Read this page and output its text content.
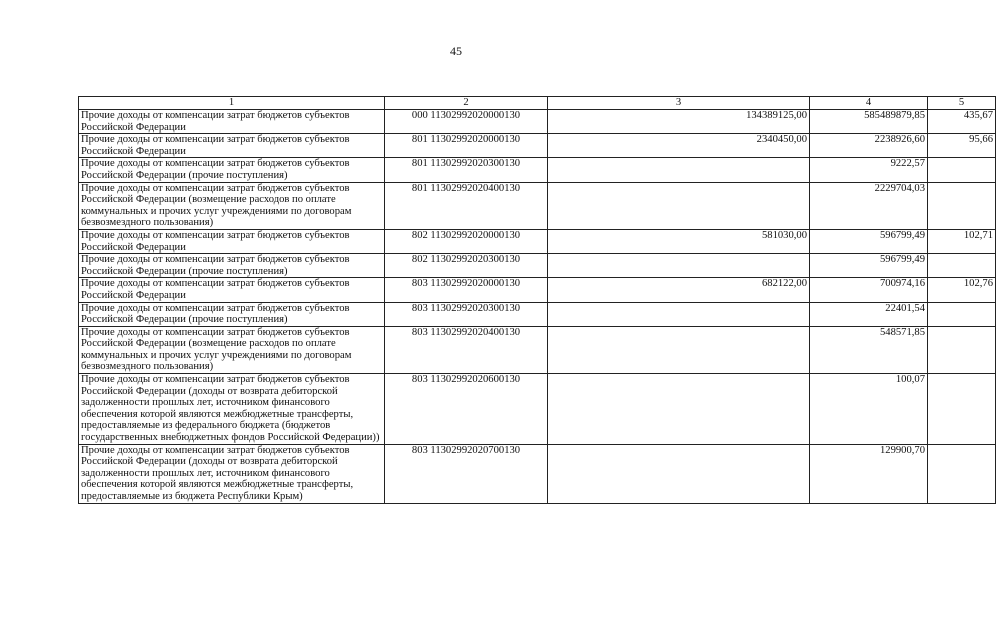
45
1	2	3	4	5
Прочие доходы от компенсации затрат бюджетов субъектов Российской Федерации	000 11302992020000130	134389125,00	585489879,85	435,67
Прочие доходы от компенсации затрат бюджетов субъектов Российской Федерации	801 11302992020000130	2340450,00	2238926,60	95,66
Прочие доходы от компенсации затрат бюджетов субъектов Российской Федерации (прочие поступления)	801 11302992020300130		9222,57	
Прочие доходы от компенсации затрат бюджетов субъектов Российской Федерации (возмещение расходов по оплате коммунальных и прочих услуг учреждениями по договорам безвозмездного пользования)	801 11302992020400130		2229704,03	
Прочие доходы от компенсации затрат бюджетов субъектов Российской Федерации	802 11302992020000130	581030,00	596799,49	102,71
Прочие доходы от компенсации затрат бюджетов субъектов Российской Федерации (прочие поступления)	802 11302992020300130		596799,49	
Прочие доходы от компенсации затрат бюджетов субъектов Российской Федерации	803 11302992020000130	682122,00	700974,16	102,76
Прочие доходы от компенсации затрат бюджетов субъектов Российской Федерации (прочие поступления)	803 11302992020300130		22401,54	
Прочие доходы от компенсации затрат бюджетов субъектов Российской Федерации (возмещение расходов по оплате коммунальных и прочих услуг учреждениями по договорам безвозмездного пользования)	803 11302992020400130		548571,85	
Прочие доходы от компенсации затрат бюджетов субъектов Российской Федерации (доходы от возврата дебиторской задолженности прошлых лет, источником финансового обеспечения которой являются межбюджетные трансферты, предоставляемые из федерального бюджета (бюджетов государственных внебюджетных фондов Российской Федерации))	803 11302992020600130		100,07	
Прочие доходы от компенсации затрат бюджетов субъектов Российской Федерации (доходы от возврата дебиторской задолженности прошлых лет, источником финансового обеспечения которой являются межбюджетные трансферты, предоставляемые из бюджета Республики Крым)	803 11302992020700130		129900,70	
